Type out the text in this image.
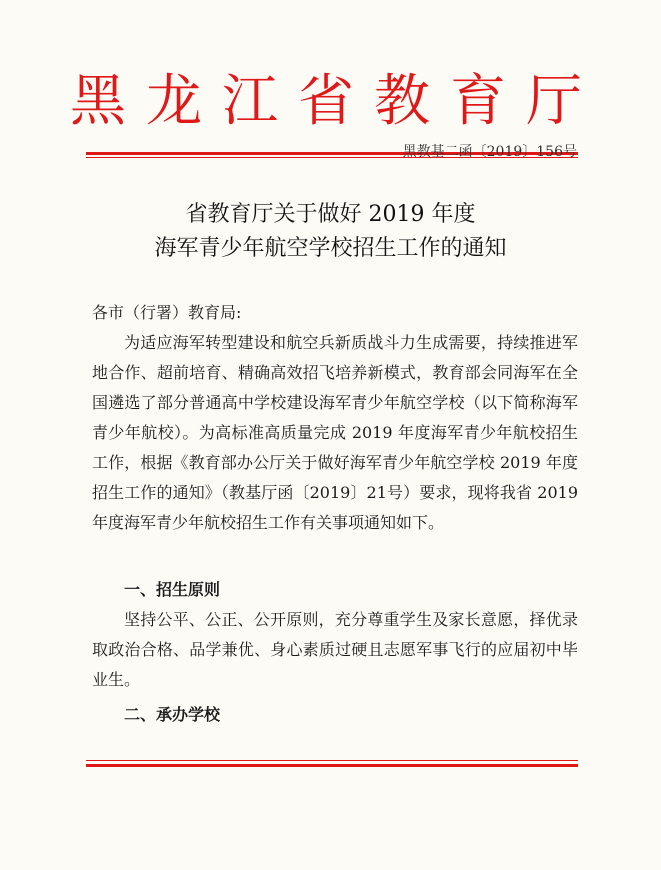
黑龙江省教育厅
黑教基二函〔2019〕156号
省教育厅关于做好 2019 年度
海军青少年航空学校招生工作的通知
各市（行署）教育局:

为适应海军转型建设和航空兵新质战斗力生成需要，持续推进军地合作、超前培育、精确高效招飞培养新模式，教育部会同海军在全国遴选了部分普通高中学校建设海军青少年航空学校（以下简称海军青少年航校）。为高标准高质量完成 2019 年度海军青少年航校招生工作，根据《教育部办公厅关于做好海军青少年航空学校 2019 年度招生工作的通知》（教基厅函〔2019〕21号）要求，现将我省 2019 年度海军青少年航校招生工作有关事项通知如下。

一、招生原则

坚持公平、公正、公开原则，充分尊重学生及家长意愿，择优录取政治合格、品学兼优、身心素质过硬且志愿军事飞行的应届初中毕业生。

二、承办学校
